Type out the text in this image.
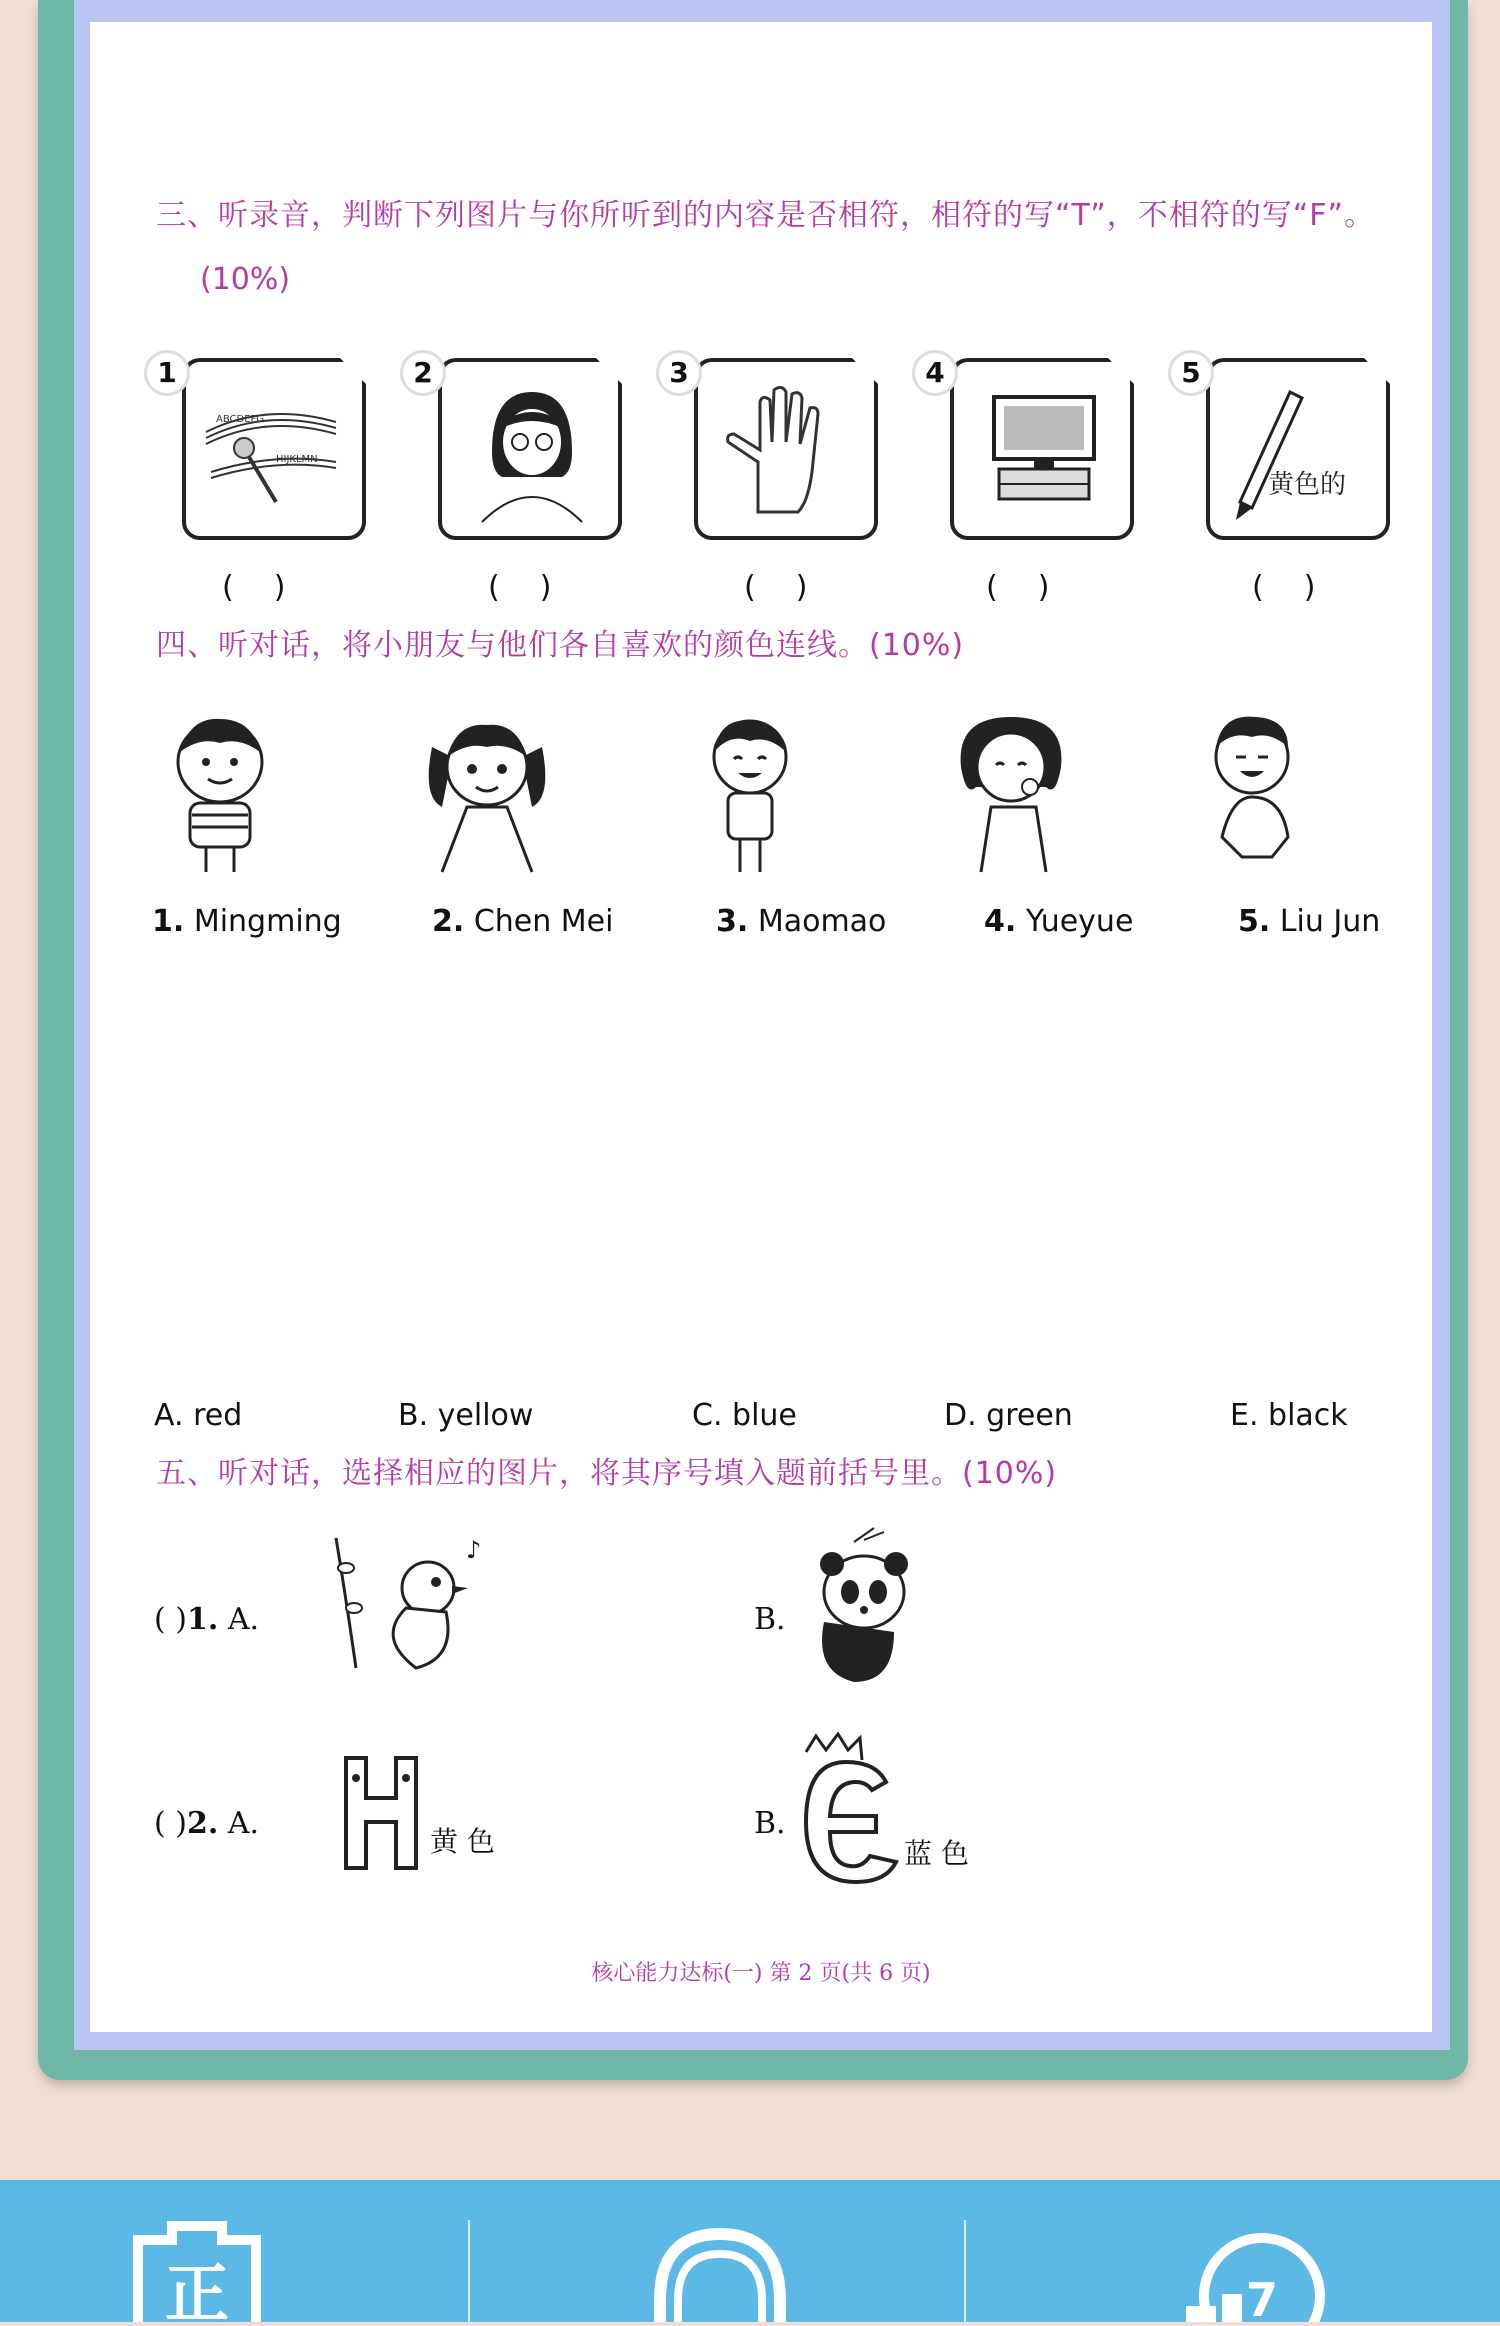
三、听录音，判断下列图片与你所听到的内容是否相符，相符的写“T”，不相符的写“F”。
(10%)
ABCDEFG
HIJKLMN
黄色的
1	2	3	4	5
()	()	()	()	()
四、听对话，将小朋友与他们各自喜欢的颜色连线。(10%)
1. Mingming	2. Chen Mei	3. Maomao	4. Yueyue	5. Liu Jun
A. red	B. yellow	C. blue	D. green	E. black
五、听对话，选择相应的图片，将其序号填入题前括号里。(10%)
( )1. A.
♪
B.
( )2. A.
黄 色
B.
蓝 色
核心能力达标(一) 第 2 页(共 6 页)
正	7
